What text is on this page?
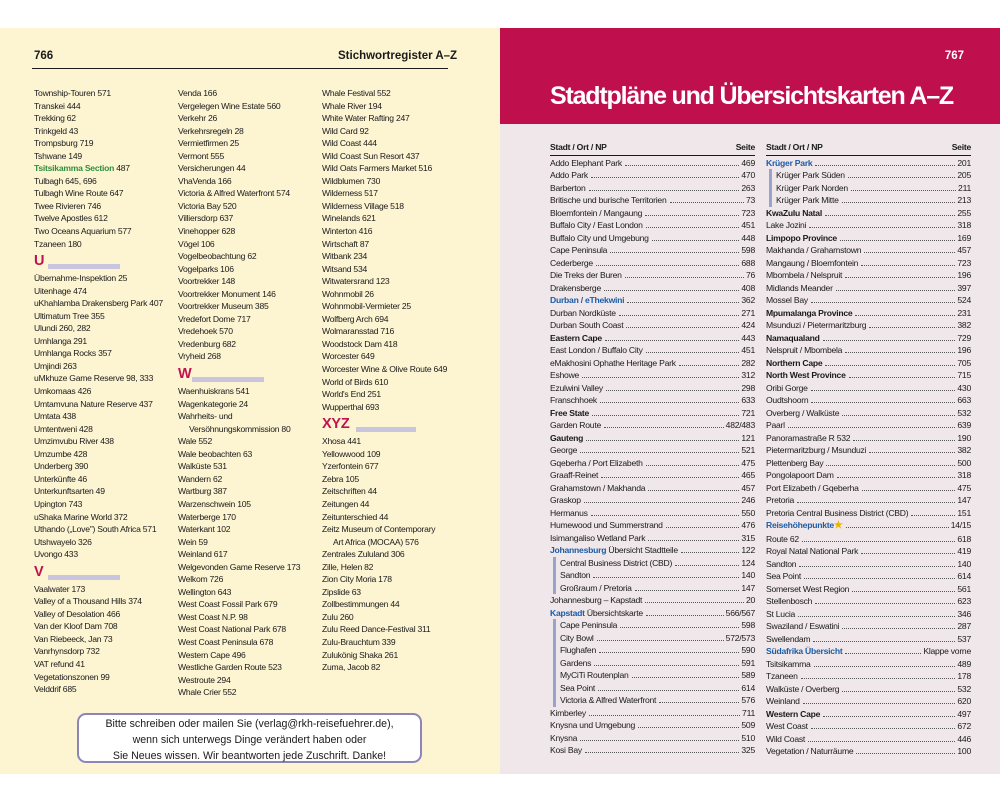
766	Stichwortregister A–Z
Township-Touren 571
Transkei 444
Trekking 62
Trinkgeld 43
Trompsburg 719
Tshwane 149
Tsitsikamma Section 487
Tulbagh 645, 696
Tulbagh Wine Route 647
Twee Rivieren 746
Twelve Apostles 612
Two Oceans Aquarium 577
Tzaneen 180
U
Übernahme-Inspektion 25
Uitenhage 474
uKhahlamba Drakensberg Park 407
Ultimatum Tree 355
Ulundi 260, 282
Umhlanga 291
Umhlanga Rocks 357
Umjindi 263
uMkhuze Game Reserve 98, 333
Umkomaas 426
Umtamvuna Nature Reserve 437
Umtata 438
Umtentweni 428
Umzimvubu River 438
Umzumbe 428
Underberg 390
Unterkünfte 46
Unterkunftsarten 49
Upington 743
uShaka Marine World 372
Uthando („Love") South Africa 571
Utshwayelo 326
Uvongo 433
V
Vaalwater 173
Valley of a Thousand Hills 374
Valley of Desolation 466
Van der Kloof Dam 708
Van Riebeeck, Jan 73
Vanrhynsdorp 732
VAT refund 41
Vegetationszonen 99
Velddrif 685
Venda 166
Vergelegen Wine Estate 560
Verkehr 26
Verkehrsregeln 28
Vermietfirmen 25
Vermont 555
Versicherungen 44
VhaVenda 166
Victoria & Alfred Waterfront 574
Victoria Bay 520
Villiersdorp 637
Vinehopper 628
Vögel 106
Vogelbeobachtung 62
Vogelparks 106
Voortrekker 148
Voortrekker Monument 146
Voortrekker Museum 385
Vredefort Dome 717
Vredehoek 570
Vredenburg 682
Vryheid 268
W
Waenhuiskrans 541
Wagenkategorie 24
Wahrheits- und
Versöhnungskommission 80
Wale 552
Wale beobachten 63
Walküste 531
Wandern 62
Wartburg 387
Warzenschwein 105
Waterberge 170
Waterkant 102
Wein 59
Weinland 617
Welgevonden Game Reserve 173
Welkom 726
Wellington 643
West Coast Fossil Park 679
West Coast N.P. 98
West Coast National Park 678
West Coast Peninsula 678
Western Cape 496
Westliche Garden Route 523
Westroute 294
Whale Crier 552
Whale Festival 552
Whale River 194
White Water Rafting 247
Wild Card 92
Wild Coast 444
Wild Coast Sun Resort 437
Wild Oats Farmers Market 516
Wildblumen 730
Wilderness 517
Wilderness Village 518
Winelands 621
Winterton 416
Wirtschaft 87
Witbank 234
Witsand 534
Witwatersrand 123
Wohnmobil 26
Wohnmobil-Vermieter 25
Wolfberg Arch 694
Wolmaransstad 716
Woodstock Dam 418
Worcester 649
Worcester Wine & Olive Route 649
World of Birds 610
World's End 251
Wupperthal 693
XYZ
Xhosa 441
Yellowwood 109
Yzerfontein 677
Zebra 105
Zeitschriften 44
Zeitungen 44
Zeitunterschied 44
Zeitz Museum of Contemporary
Art Africa (MOCAA) 576
Zentrales Zululand 306
Zille, Helen 82
Zion City Moria 178
Zipslide 63
Zollbestimmungen 44
Zulu 260
Zulu Reed Dance-Festival 311
Zulu-Brauchtum 339
Zulukönig Shaka 261
Zuma, Jacob 82
Bitte schreiben oder mailen Sie (verlag@rkh-reisefuehrer.de),
wenn sich unterwegs Dinge verändert haben oder
Sie Neues wissen. Wir beantworten jede Zuschrift. Danke!
767
Stadtpläne und Übersichtskarten A–Z
Stadt / Ort / NP	Seite
Addo Elephant Park	469
Addo Park	470
Barberton	263
Britische und burische Territorien	73
Bloemfontein / Mangaung	723
Buffalo City / East London	451
Buffalo City und Umgebung	448
Cape Peninsula	598
Cederberge	688
Die Treks der Buren	76
Drakensberge	408
Durban / eThekwini	362
Durban Nordküste	271
Durban South Coast	424
Eastern Cape	443
East London / Buffalo City	451
eMakhosini Ophathe Heritage Park	282
Eshowe	312
Ezulwini Valley	298
Franschhoek	633
Free State	721
Garden Route	482/483
Gauteng	121
George	521
Gqeberha / Port Elizabeth	475
Graaff-Reinet	465
Grahamstown / Makhanda	457
Graskop	246
Hermanus	550
Humewood und Summerstrand	476
Isimangaliso Wetland Park	315
Johannesburg Übersicht Stadtteile	122
Central Business District (CBD)	124
Sandton	140
Großraum / Pretoria	147
Johannesburg – Kapstadt	20
Kapstadt Übersichtskarte	566/567
Cape Peninsula	598
City Bowl	572/573
Flughafen	590
Gardens	591
MyCiTi Routenplan	589
Sea Point	614
Victoria & Alfred Waterfront	576
Kimberley	711
Knysna und Umgebung	509
Knysna	510
Kosi Bay	325
Stadt / Ort / NP	Seite
Krüger Park	201
Krüger Park Süden	205
Krüger Park Norden	211
Krüger Park Mitte	213
KwaZulu Natal	255
Lake Jozini	318
Limpopo Province	169
Makhanda / Grahamstown	457
Mangaung / Bloemfontein	723
Mbombela / Nelspruit	196
Midlands Meander	397
Mossel Bay	524
Mpumalanga Province	231
Msunduzi / Pietermaritzburg	382
Namaqualand	729
Nelspruit / Mbombela	196
Northern Cape	705
North West Province	715
Oribi Gorge	430
Oudtshoorn	663
Overberg / Walküste	532
Paarl	639
Panoramastraße R 532	190
Pietermaritzburg / Msunduzi	382
Plettenberg Bay	500
Pongolapoort Dam	318
Port Elizabeth / Gqeberha	475
Pretoria	147
Pretoria Central Business District (CBD)	151
Reisehöhepunkte★	14/15
Route 62	618
Royal Natal National Park	419
Sandton	140
Sea Point	614
Somerset West Region	561
Stellenbosch	623
St Lucia	346
Swaziland / Eswatini	287
Swellendam	537
Südafrika Übersicht	Klappe vorne
Tsitsikamma	489
Tzaneen	178
Walküste / Overberg	532
Weinland	620
Western Cape	497
West Coast	672
Wild Coast	446
Vegetation / Naturräume	100
